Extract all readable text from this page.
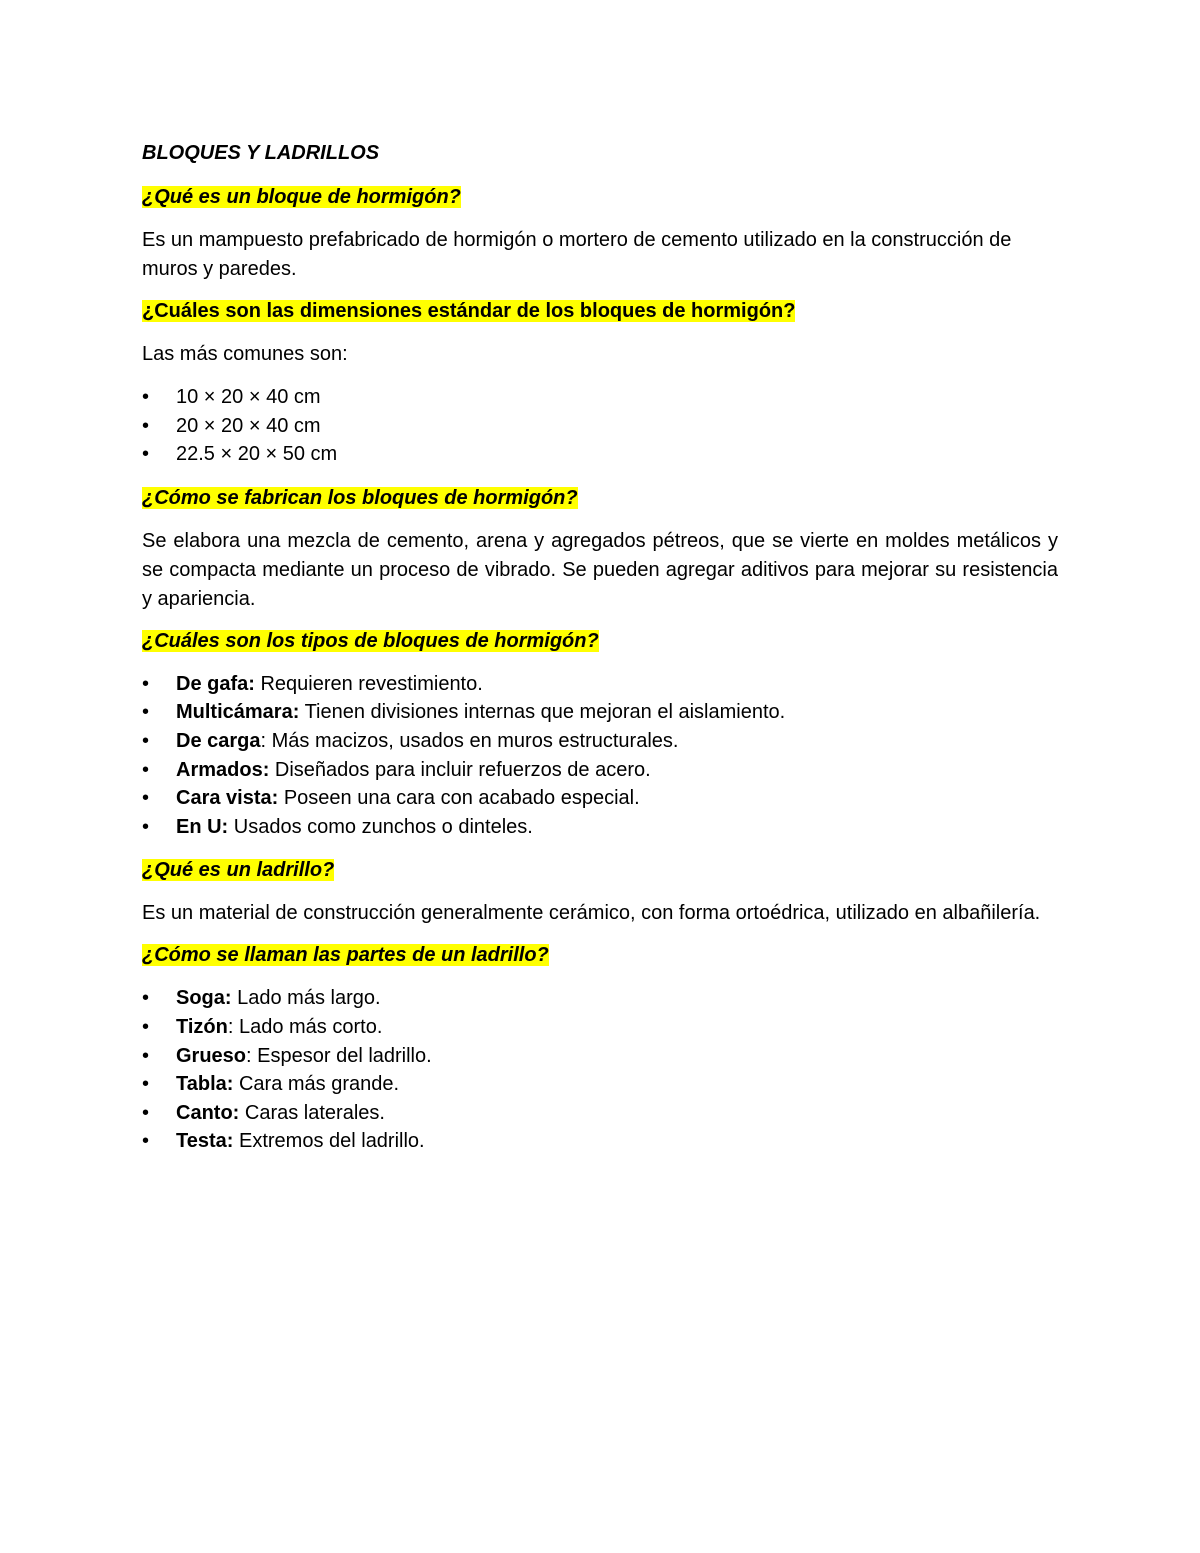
BLOQUES Y LADRILLOS
¿Qué es un bloque de hormigón?
Es un mampuesto prefabricado de hormigón o mortero de cemento utilizado en la construcción de muros y paredes.
¿Cuáles son las dimensiones estándar de los bloques de hormigón?
Las más comunes son:
•	10 × 20 × 40 cm
•	20 × 20 × 40 cm
•	22.5 × 20 × 50 cm
¿Cómo se fabrican los bloques de hormigón?
Se elabora una mezcla de cemento, arena y agregados pétreos, que se vierte en moldes metálicos y se compacta mediante un proceso de vibrado. Se pueden agregar aditivos para mejorar su resistencia y apariencia.
¿Cuáles son los tipos de bloques de hormigón?
•	De gafa: Requieren revestimiento.
•	Multicámara: Tienen divisiones internas que mejoran el aislamiento.
•	De carga: Más macizos, usados en muros estructurales.
•	Armados: Diseñados para incluir refuerzos de acero.
•	Cara vista: Poseen una cara con acabado especial.
•	En U: Usados como zunchos o dinteles.
¿Qué es un ladrillo?
Es un material de construcción generalmente cerámico, con forma ortoédrica, utilizado en albañilería.
¿Cómo se llaman las partes de un ladrillo?
•	Soga: Lado más largo.
•	Tizón: Lado más corto.
•	Grueso: Espesor del ladrillo.
•	Tabla: Cara más grande.
•	Canto: Caras laterales.
•	Testa: Extremos del ladrillo.
